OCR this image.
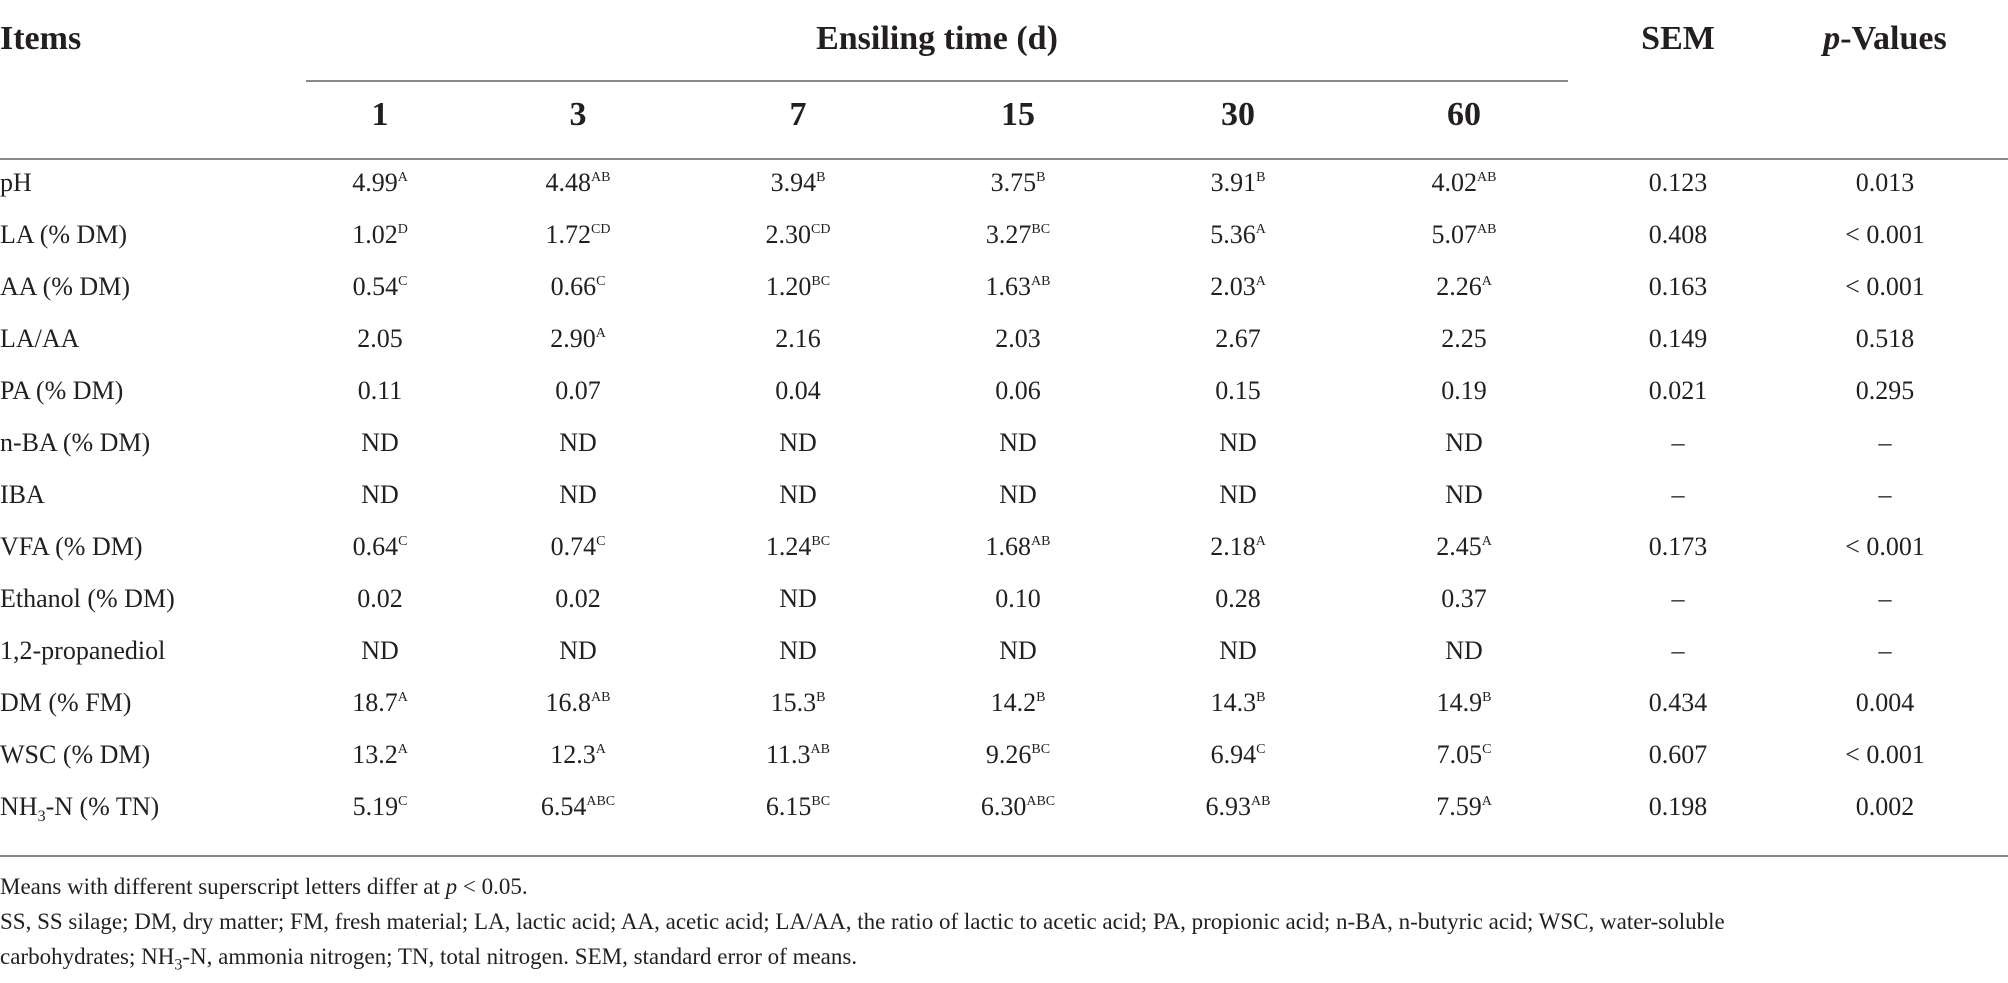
Items	Ensiling time (d)	SEM	p-Values
1	3	7	15	30	60
pH	$4.99^A$	$4.48^{AB}$	$3.94^B$	$3.75^B$	$3.91^B$	$4.02^{AB}$	0.123	0.013
LA (% DM)	$1.02^D$	$1.72^{CD}$	$2.30^{CD}$	$3.27^{BC}$	$5.36^A$	$5.07^{AB}$	0.408	< 0.001
AA (% DM)	$0.54^C$	$0.66^C$	$1.20^{BC}$	$1.63^{AB}$	$2.03^A$	$2.26^A$	0.163	< 0.001
LA/AA	2.05	$2.90^A$	2.16	2.03	2.67	2.25	0.149	0.518
PA (% DM)	0.11	0.07	0.04	0.06	0.15	0.19	0.021	0.295
n-BA (% DM)	ND	ND	ND	ND	ND	ND	–	–
IBA	ND	ND	ND	ND	ND	ND	–	–
VFA (% DM)	$0.64^C$	$0.74^C$	$1.24^{BC}$	$1.68^{AB}$	$2.18^A$	$2.45^A$	0.173	< 0.001
Ethanol (% DM)	0.02	0.02	ND	0.10	0.28	0.37	–	–
1,2-propanediol	ND	ND	ND	ND	ND	ND	–	–
DM (% FM)	$18.7^A$	$16.8^{AB}$	$15.3^B$	$14.2^B$	$14.3^B$	$14.9^B$	0.434	0.004
WSC (% DM)	$13.2^A$	$12.3^A$	$11.3^{AB}$	$9.26^{BC}$	$6.94^C$	$7.05^C$	0.607	< 0.001
$NH_3-N$ (% TN)	$5.19^C$	$6.54^{ABC}$	$6.15^{BC}$	$6.30^{ABC}$	$6.93^{AB}$	$7.59^A$	0.198	0.002
Means with different superscript letters differ at p < 0.05.
SS, SS silage; DM, dry matter; FM, fresh material; LA, lactic acid; AA, acetic acid; LA/AA, the ratio of lactic to acetic acid; PA, propionic acid; n-BA, n-butyric acid; WSC, water-soluble
carbohydrates; $NH_3-N$, ammonia nitrogen; TN, total nitrogen. SEM, standard error of means.
